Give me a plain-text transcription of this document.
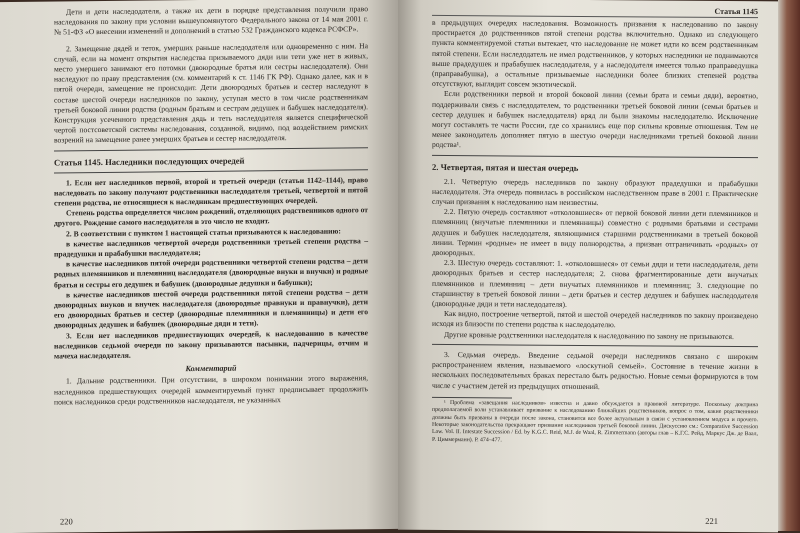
Дети и дети наследодателя, а также их дети в порядке представления получили право наследования по закону при условии вышеупомянутого Федерального закона от 14 мая 2001 г. № 51-ФЗ «О внесении изменений и дополнений в статью 532 Гражданского кодекса РСФСР».

2. Замещение дядей и теток, умерших раньше наследодателя или одновременно с ним. На случай, если на момент открытия наследства призываемого дяди или тети уже нет в живых, место умершего занимают его потомки (двоюродные братья или сестры наследодателя). Они наследуют по праву представления (см. комментарий к ст. 1146 ГК РФ). Однако далее, как и в пятой очереди, замещение не происходит. Дети двоюродных братьев и сестер наследуют в составе шестой очереди наследников по закону, уступая место в том числе родственникам третьей боковой линии родства (родным братьям и сестрам дедушек и бабушек наследодателя). Конструкция усеченного представления дядь и теть наследодателя является специфической чертой постсоветской системы наследования, созданной, видимо, под воздействием римских возрений на замещение ранее умерших братьев и сестер наследодателя.

Статья 1145. Наследники последующих очередей

1. Если нет наследников первой, второй и третьей очереди (статьи 1142–1144), право наследовать по закону получают родственники наследодателя третьей, четвертой и пятой степени родства, не относящиеся к наследникам предшествующих очередей.

Степень родства определяется числом рождений, отделяющих родственников одного от другого. Рождение самого наследодателя в это число не входит.

2. В соответствии с пунктом 1 настоящей статьи призываются к наследованию:

в качестве наследников четвертой очереди родственники третьей степени родства – прадедушки и прабабушки наследодателя;

в качестве наследников пятой очереди родственники четвертой степени родства – дети родных племянников и племянниц наследодателя (двоюродные внуки и внучки) и родные братья и сестры его дедушек и бабушек (двоюродные дедушки и бабушки);

в качестве наследников шестой очереди родственники пятой степени родства – дети двоюродных внуков и внучек наследодателя (двоюродные правнуки и правнучки), дети его двоюродных братьев и сестер (двоюродные племянники и племянницы) и дети его двоюродных дедушек и бабушек (двоюродные дяди и тети).

3. Если нет наследников предшествующих очередей, к наследованию в качестве наследников седьмой очереди по закону призываются пасынки, падчерицы, отчим и мачеха наследодателя.

Комментарий

1. Дальние родственники. При отсутствии, в широком понимании этого выражения, наследников предшествующих очередей комментируемый пункт предписывает продолжить поиск наследников среди родственников наследодателя, не указанных

220
Статья 1145

в предыдущих очередях наследования. Возможность призвания к наследованию по закону простирается до родственников пятой степени родства включительно. Однако из следующего пункта комментируемой статьи вытекает, что наследование не может идти ко всем родственникам пятой степени. Если наследодатель не имел родственников, у которых наследники не поднимаются выше прадедушек и прабабушек наследодателя, у а наследодателя имеется только праправедушка (праправабушка), а остальные призываемые наследники более близких степеней родства отсутствуют, выглядит совсем экзотической.

Если родственники первой и второй боковой линии (семьи брата и семьи дяди), вероятно, поддерживали связь с наследодателем, то родственники третьей боковой линии (семьи братьев и сестер дедушек и бабушек наследодателя) вряд ли были знакомы наследодателю. Исключение могут составлять те части России, где со хранились еще пор сильны кровные отношения. Тем не менее законодатель дополняет пятую в шестую очереди наследниками третьей боковой линии родства¹.

2. Четвертая, пятая и шестая очередь

2.1. Четвертую очередь наследников по закону образуют прадедушки и прабабушки наследодателя. Эта очередь появилась в российском наследственном праве в 2001 г. Практические случаи призвания к наследованию нам неизвестны.

2.2. Пятую очередь составляют «отколовшиеся» от первой боковой линии дети племянников и племянниц (внучатые племянники и племянницы) совместно с родными братьями и сестрами дедушек и бабушек наследодателя, являющимися старшими родственниками в третьей боковой линии. Термин «родные» не имеет в виду полнородства, а призван отграничивать «родных» от двоюродных.

2.3. Шестую очередь составляют: 1. «отколовшиеся» от семьи дяди и тети наследодателя, дети двоюродных братьев и сестер наследодателя; 2. снова фрагментированные дети внучатых племянников и племянниц – дети внучатых племянников и племянниц; 3. следующие по старшинству в третьей боковой линии – дети братьев и сестер дедушек и бабушек наследодателя (двоюродные дяди и тети наследодателя).

Как видно, построение четвертой, пятой и шестой очередей наследников по закону произведено исходя из близости по степени родства к наследодателю.

Другие кровные родственники наследодателя к наследованию по закону не призываются.

3. Седьмая очередь. Введение седьмой очереди наследников связано с широким распространением явления, называемого «лоскутной семьей». Состояние в течение жизни в нескольких последовательных браках перестало быть редкостью. Новые семьи формируются в том числе с участием детей из предыдущих отношений.

¹ Проблема «завещания наследников» известна и давно обсуждается в правовой литературе. Поскольку доктрина предполагаемой воли устанавливает призвание к наследованию ближайших родственников, вопрос о том, какие родственники должны быть призваны в очереди после закона, становится все более актуальным в связи с установлением модуса и прочего. Некоторые законодательства прекращают призвание наследников третьей боковой линии. Дискуссию см.: Comparative Succession Law. Vol. II. Intestate Succession / Ed. by K.G.C. Reid, M.J. de Waal, R. Zimmermann (авторы глав – К.Г.С. Рейд, Маркус Дж. де Ваал, Р. Циммерманн). Р. 474–477.

221
